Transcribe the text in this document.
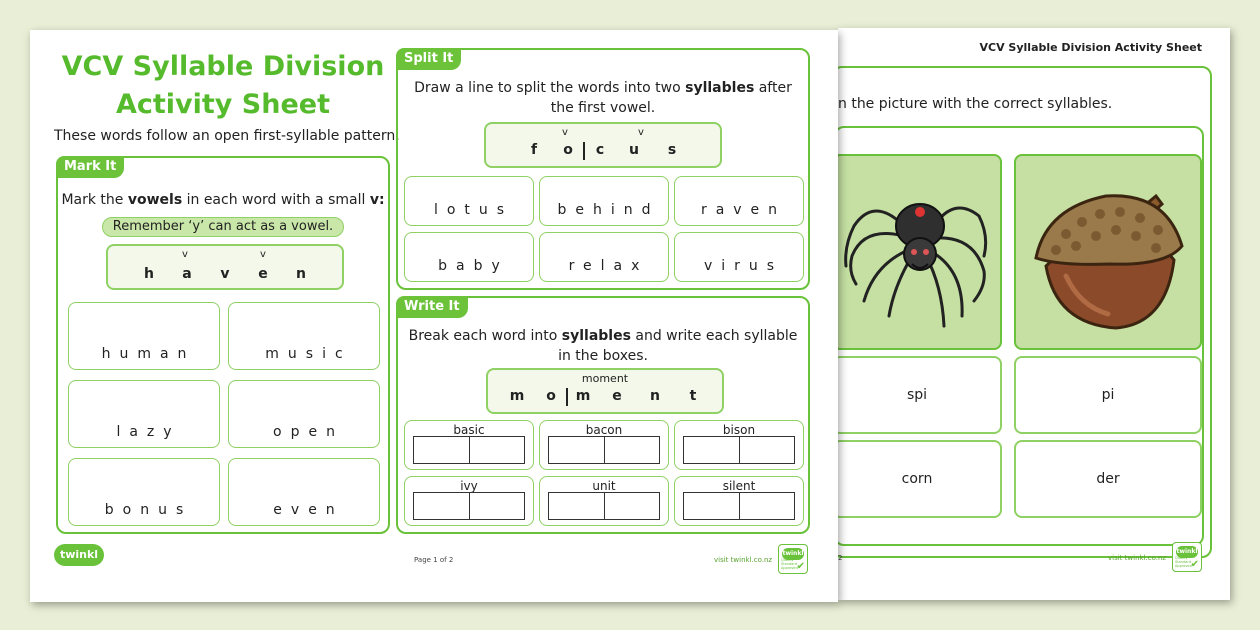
VCV Syllable Division Activity Sheet
n the picture with the correct syllables.
spi	pi
corn	der
2	visit twinkl.co.nz
twinkl
Quality Standard Approved
✔
VCV Syllable Division
Activity Sheet
These words follow an open first-syllable pattern.
Mark It
Mark the vowels in each word with a small v:
Remember ‘y’ can act as a vowel.
v	v
h	a	v	e	n
human	music
lazy	open
bonus	even
Split It
Draw a line to split the words into two syllables after the first vowel.
v	v
f	o	c	u	s
lotus	behind	raven
baby	relax	virus
Write It
Break each word into syllables and write each syllable in the boxes.
moment
m	o	m	e	n	t
basic	bacon	bison
ivy	unit	silent
twinkl	Page 1 of 2	visit twinkl.co.nz
twinkl
Quality Standard Approved
✔
